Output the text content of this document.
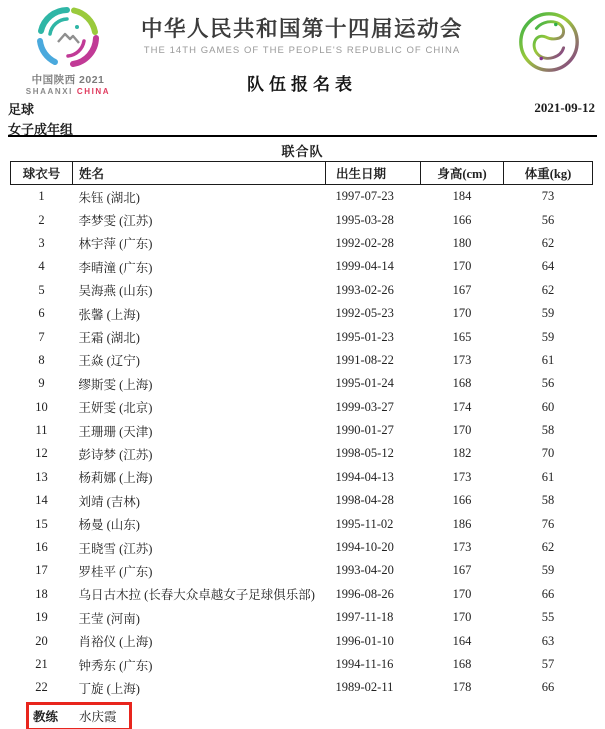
中国陕西 2021
SHAANXI CHINA
中华人民共和国第十四届运动会
THE 14TH GAMES OF THE PEOPLE'S REPUBLIC OF CHINA
队伍报名表
足球
女子成年组
2021-09-12
联合队
球衣号	姓名	出生日期	身高(cm)	体重(kg)
1	朱钰 (湖北)	1997-07-23	184	73
2	李梦雯 (江苏)	1995-03-28	166	56
3	林宇萍 (广东)	1992-02-28	180	62
4	李晴潼 (广东)	1999-04-14	170	64
5	吴海燕 (山东)	1993-02-26	167	62
6	张馨 (上海)	1992-05-23	170	59
7	王霜 (湖北)	1995-01-23	165	59
8	王焱 (辽宁)	1991-08-22	173	61
9	缪斯雯 (上海)	1995-01-24	168	56
10	王妍雯 (北京)	1999-03-27	174	60
11	王珊珊 (天津)	1990-01-27	170	58
12	彭诗梦 (江苏)	1998-05-12	182	70
13	杨莉娜 (上海)	1994-04-13	173	61
14	刘靖 (吉林)	1998-04-28	166	58
15	杨曼 (山东)	1995-11-02	186	76
16	王晓雪 (江苏)	1994-10-20	173	62
17	罗桂平 (广东)	1993-04-20	167	59
18	乌日古木拉 (长春大众卓越女子足球俱乐部)	1996-08-26	170	66
19	王莹 (河南)	1997-11-18	170	55
20	肖裕仪 (上海)	1996-01-10	164	63
21	钟秀东 (广东)	1994-11-16	168	57
22	丁旋 (上海)	1989-02-11	178	66
教练	水庆霞
